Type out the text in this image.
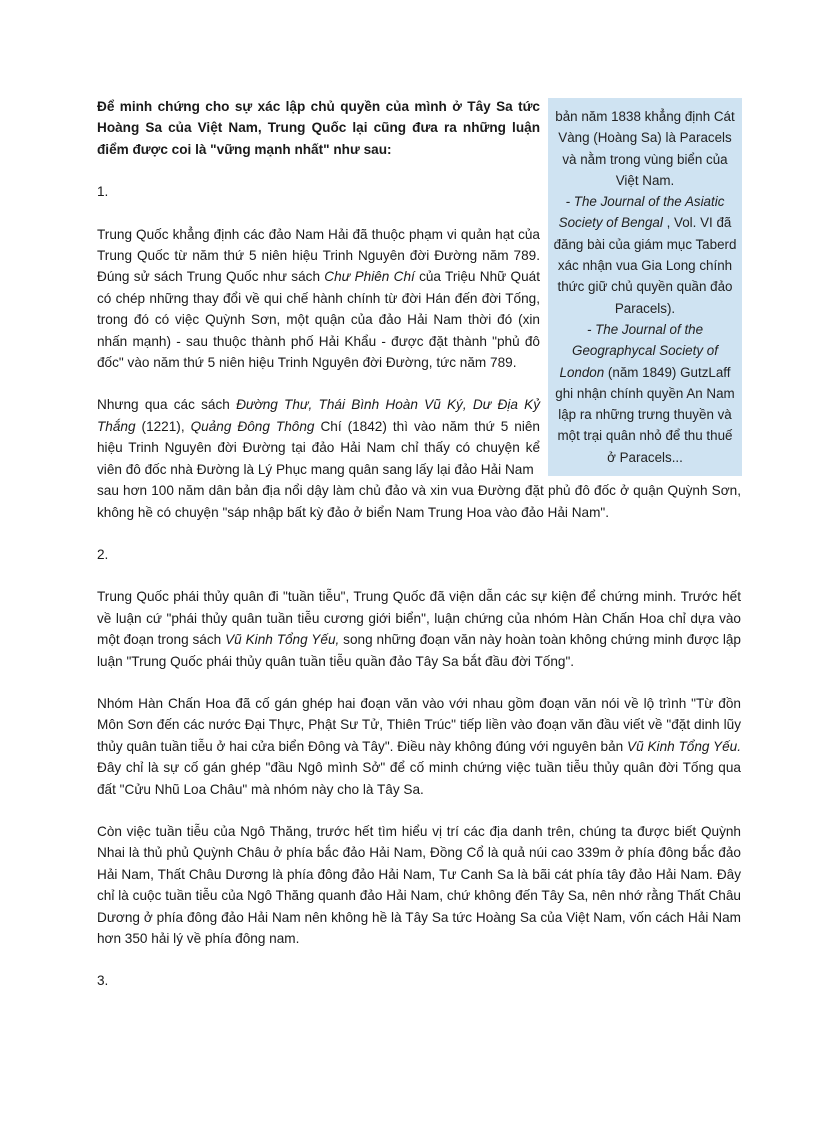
bản năm 1838 khẳng định Cát Vàng (Hoàng Sa) là Paracels và nằm trong vùng biển của Việt Nam.

- The Journal of the Asiatic Society of Bengal , Vol. VI đã đăng bài của giám mục Taberd xác nhận vua Gia Long chính thức giữ chủ quyền quần đảo Paracels).

- The Journal of the Geographycal Society of London (năm 1849) GutzLaff ghi nhận chính quyền An Nam lập ra những trưng thuyền và một trại quân nhỏ để thu thuế ở Paracels...

Để minh chứng cho sự xác lập chủ quyền của mình ở Tây Sa tức Hoàng Sa của Việt Nam, Trung Quốc lại cũng đưa ra những luận điểm được coi là "vững mạnh nhất" như sau:

1.

Trung Quốc khẳng định các đảo Nam Hải đã thuộc phạm vi quản hạt của Trung Quốc từ năm thứ 5 niên hiệu Trinh Nguyên đời Đường năm 789. Đúng sử sách Trung Quốc như sách Chư Phiên Chí của Triệu Nhữ Quát có chép những thay đổi về qui chế hành chính từ đời Hán đến đời Tống, trong đó có việc Quỳnh Sơn, một quận của đảo Hải Nam thời đó (xin nhấn mạnh) - sau thuộc thành phố Hải Khẩu - được đặt thành "phủ đô đốc" vào năm thứ 5 niên hiệu Trinh Nguyên đời Đường, tức năm 789.

Nhưng qua các sách Đường Thư, Thái Bình Hoàn Vũ Ký, Dư Địa Kỷ Thắng (1221), Quảng Đông Thông Chí (1842) thì vào năm thứ 5 niên hiệu Trinh Nguyên đời Đường tại đảo Hải Nam chỉ thấy có chuyện kể viên đô đốc nhà Đường là Lý Phục mang quân sang lấy lại đảo Hải Nam

sau hơn 100 năm dân bản địa nổi dậy làm chủ đảo và xin vua Đường đặt phủ đô đốc ở quận Quỳnh Sơn, không hề có chuyện "sáp nhập bất kỳ đảo ở biển Nam Trung Hoa vào đảo Hải Nam".

2.

Trung Quốc phái thủy quân đi "tuần tiễu", Trung Quốc đã viện dẫn các sự kiện để chứng minh. Trước hết về luận cứ "phái thủy quân tuần tiễu cương giới biển", luận chứng của nhóm Hàn Chấn Hoa chỉ dựa vào một đoạn trong sách Vũ Kinh Tổng Yếu, song những đoạn văn này hoàn toàn không chứng minh được lập luận "Trung Quốc phái thủy quân tuần tiễu quần đảo Tây Sa bắt đầu đời Tống".

Nhóm Hàn Chấn Hoa đã cố gán ghép hai đoạn văn vào với nhau gồm đoạn văn nói về lộ trình "Từ đồn Môn Sơn đến các nước Đại Thực, Phật Sư Tử, Thiên Trúc" tiếp liền vào đoạn văn đầu viết về "đặt dinh lũy thủy quân tuần tiễu ở hai cửa biển Đông và Tây". Điều này không đúng với nguyên bản Vũ Kinh Tổng Yếu. Đây chỉ là sự cố gán ghép "đầu Ngô mình Sở" để cố minh chứng việc tuần tiễu thủy quân đời Tống qua đất "Cửu Nhũ Loa Châu" mà nhóm này cho là Tây Sa.

Còn việc tuần tiễu của Ngô Thăng, trước hết tìm hiểu vị trí các địa danh trên, chúng ta được biết Quỳnh Nhai là thủ phủ Quỳnh Châu ở phía bắc đảo Hải Nam, Đồng Cổ là quả núi cao 339m ở phía đông bắc đảo Hải Nam, Thất Châu Dương là phía đông đảo Hải Nam, Tư Canh Sa là bãi cát phía tây đảo Hải Nam. Đây chỉ là cuộc tuần tiễu của Ngô Thăng quanh đảo Hải Nam, chứ không đến Tây Sa, nên nhớ rằng Thất Châu Dương ở phía đông đảo Hải Nam nên không hề là Tây Sa tức Hoàng Sa của Việt Nam, vốn cách Hải Nam hơn 350 hải lý về phía đông nam.

3.
